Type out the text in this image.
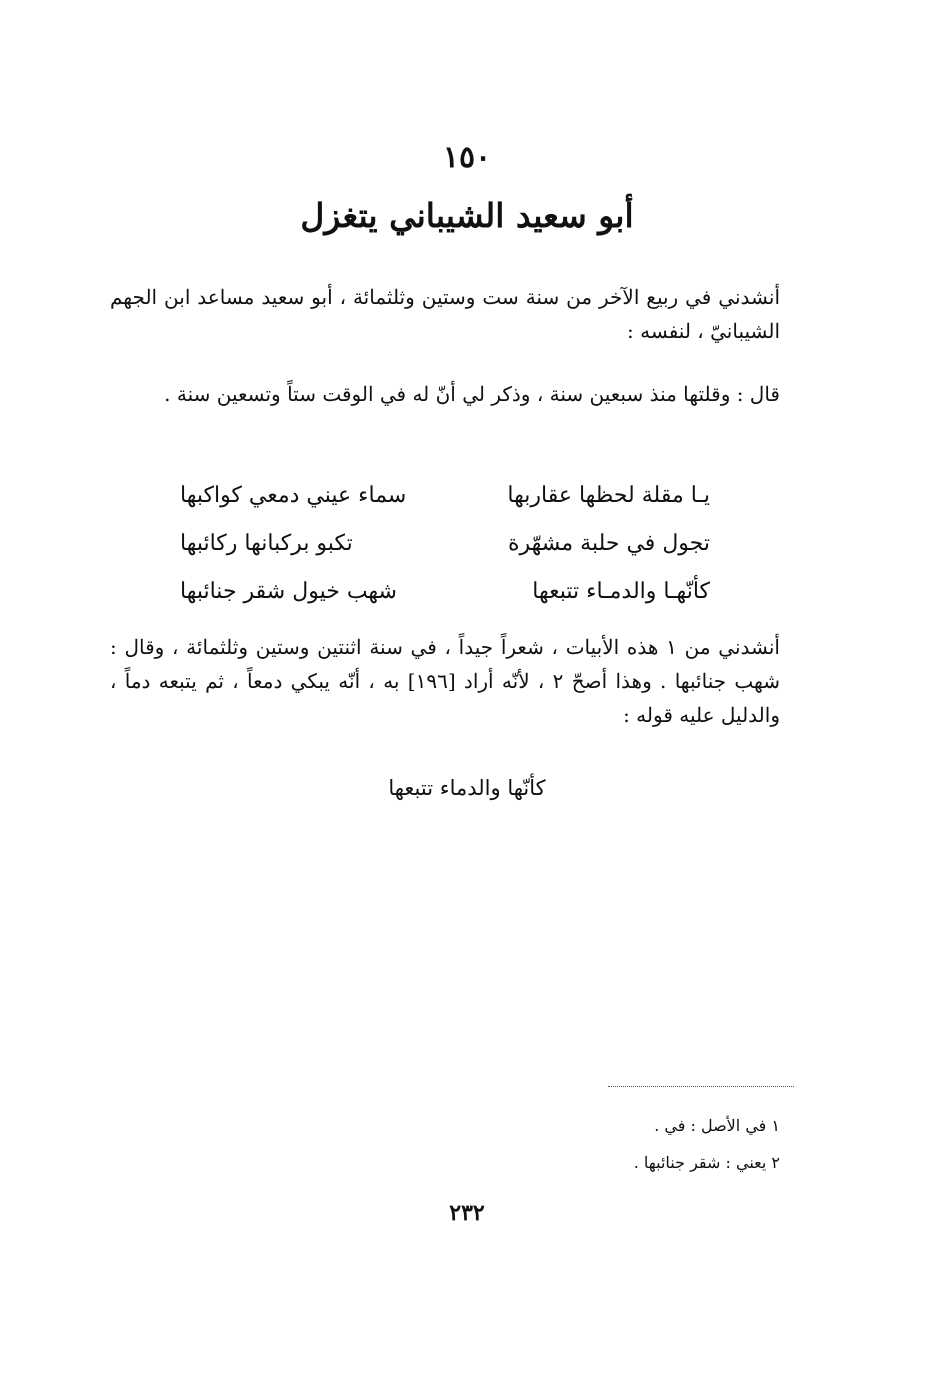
١٥٠
أبو سعيد الشيباني يتغزل
أنشدني في ربيع الآخر من سنة ست وستين وثلثمائة ، أبو سعيد مساعد ابن الجهم الشيبانيّ ، لنفسه :
قال : وقلتها منذ سبعين سنة ، وذكر لي أنّ له في الوقت ستاً وتسعين سنة .
يـا مقلة لحظها عقاربها
سماء عيني دمعي كواكبها
تجول في حلبة مشهّرة
تكبو بركبانها ركائبها
كأنّهـا والدمـاء تتبعها
شهب خيول شقر جنائبها
أنشدني من ١ هذه الأبيات ، شعراً جيداً ، في سنة اثنتين وستين وثلثمائة ، وقال : شهب جنائبها . وهذا أصحّ ٢ ، لأنّه أراد [١٩٦] به ، أنّه يبكي دمعاً ، ثم يتبعه دماً ، والدليل عليه قوله :
كأنّها والدماء تتبعها
١ في الأصل : في .
٢ يعني : شقر جنائبها .
٢٣٢
